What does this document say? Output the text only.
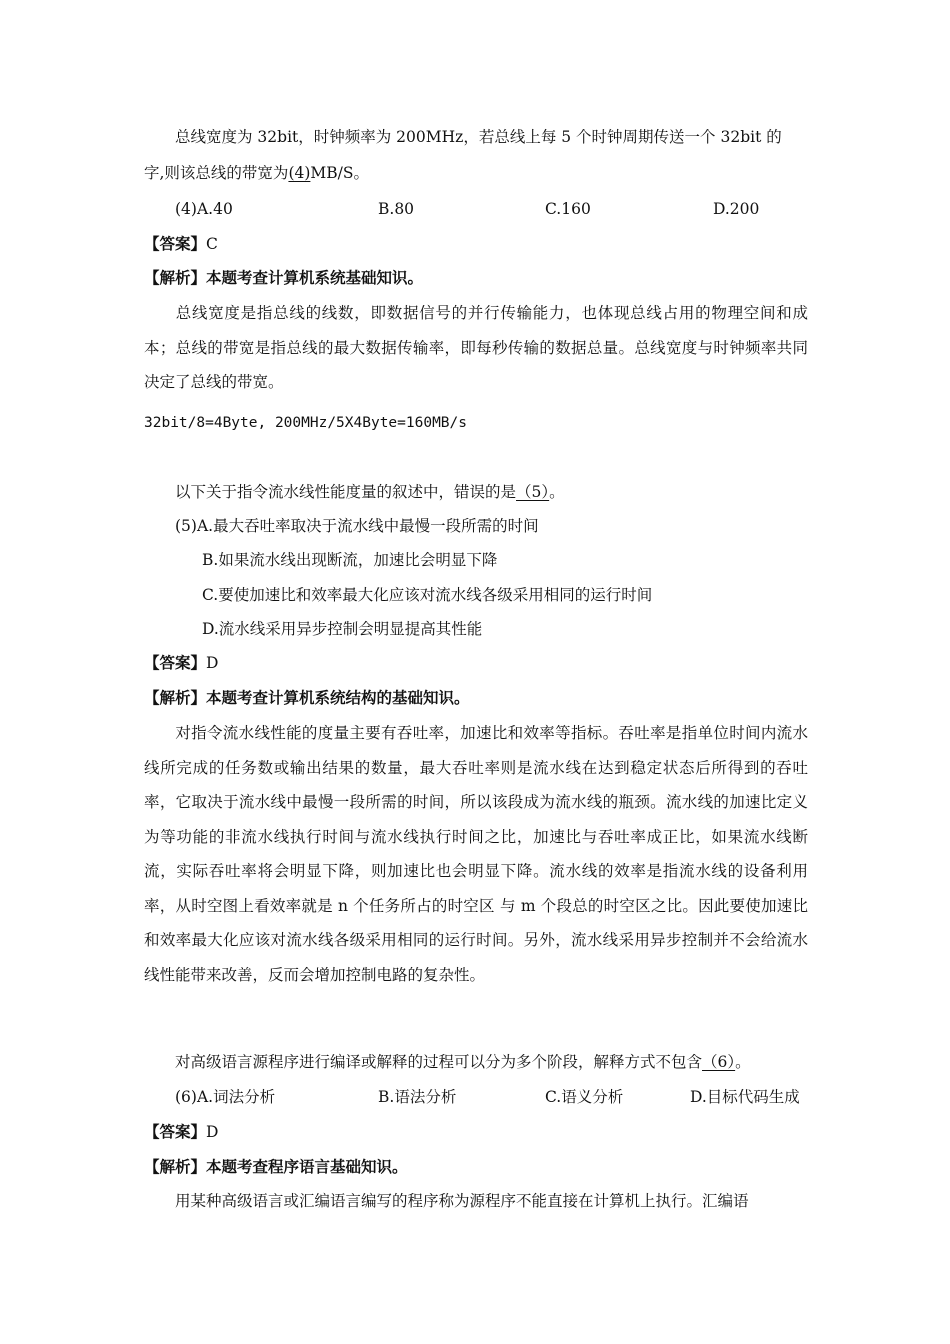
总线宽度为 32bit，时钟频率为 200MHz，若总线上每 5 个时钟周期传送一个 32bit 的
字,则该总线的带宽为(4)MB/S。
(4)A.40	B.80	C.160	D.200
【答案】C
【解析】本题考查计算机系统基础知识。
总线宽度是指总线的线数，即数据信号的并行传输能力，也体现总线占用的物理空间和成本；总线的带宽是指总线的最大数据传输率，即每秒传输的数据总量。总线宽度与时钟频率共同决定了总线的带宽。
32bit/8=4Byte, 200MHz/5X4Byte=160MB/s
以下关于指令流水线性能度量的叙述中，错误的是（5）。
(5)A.最大吞吐率取决于流水线中最慢一段所需的时间
B.如果流水线出现断流，加速比会明显下降
C.要使加速比和效率最大化应该对流水线各级采用相同的运行时间
D.流水线采用异步控制会明显提高其性能
【答案】D
【解析】本题考查计算机系统结构的基础知识。
对指令流水线性能的度量主要有吞吐率，加速比和效率等指标。吞吐率是指单位时间内流水线所完成的任务数或输出结果的数量，最大吞吐率则是流水线在达到稳定状态后所得到的吞吐率，它取决于流水线中最慢一段所需的时间，所以该段成为流水线的瓶颈。流水线的加速比定义为等功能的非流水线执行时间与流水线执行时间之比，加速比与吞吐率成正比，如果流水线断流，实际吞吐率将会明显下降，则加速比也会明显下降。流水线的效率是指流水线的设备利用率，从时空图上看效率就是 n 个任务所占的时空区 与 m 个段总的时空区之比。因此要使加速比和效率最大化应该对流水线各级采用相同的运行时间。另外，流水线采用异步控制并不会给流水线性能带来改善，反而会增加控制电路的复杂性。
对高级语言源程序进行编译或解释的过程可以分为多个阶段，解释方式不包含（6）。
(6)A.词法分析	B.语法分析	C.语义分析	D.目标代码生成
【答案】D
【解析】本题考查程序语言基础知识。
用某种高级语言或汇编语言编写的程序称为源程序不能直接在计算机上执行。汇编语
